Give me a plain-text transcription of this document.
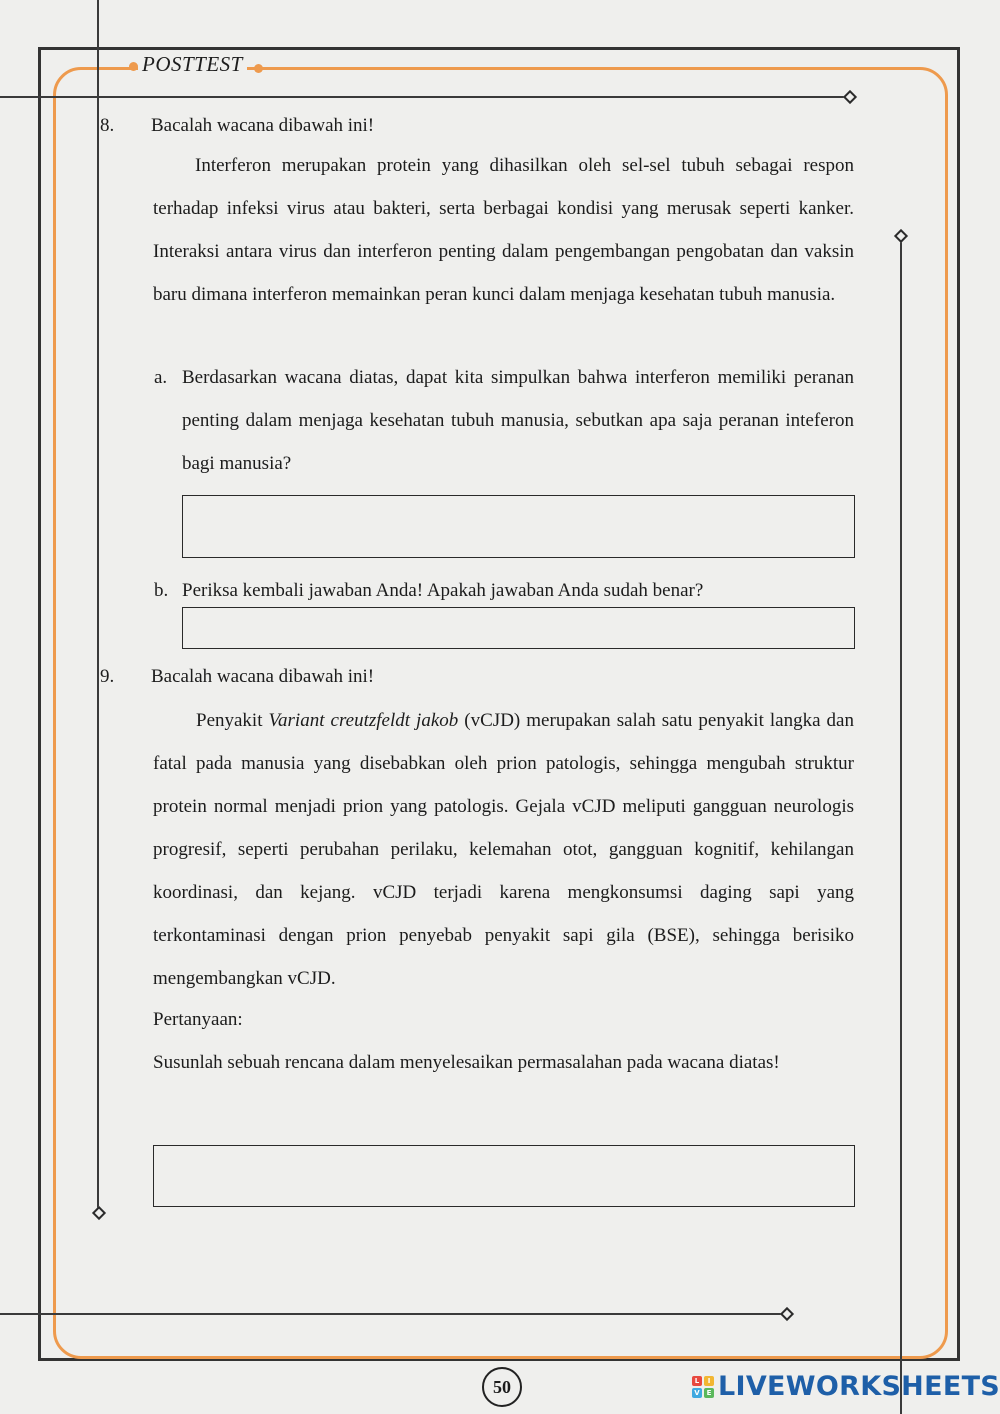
POSTTEST
8. Bacalah wacana dibawah ini!
Interferon merupakan protein yang dihasilkan oleh sel-sel tubuh sebagai respon terhadap infeksi virus atau bakteri, serta berbagai kondisi yang merusak seperti kanker. Interaksi antara virus dan interferon penting dalam pengembangan pengobatan dan vaksin baru dimana interferon memainkan peran kunci dalam menjaga kesehatan tubuh manusia.
a. Berdasarkan wacana diatas, dapat kita simpulkan bahwa interferon memiliki peranan penting dalam menjaga kesehatan tubuh manusia, sebutkan apa saja peranan inteferon bagi manusia?
b. Periksa kembali jawaban Anda! Apakah jawaban Anda sudah benar?
9. Bacalah wacana dibawah ini!
Penyakit Variant creutzfeldt jakob (vCJD) merupakan salah satu penyakit langka dan fatal pada manusia yang disebabkan oleh prion patologis, sehingga mengubah struktur protein normal menjadi prion yang patologis. Gejala vCJD meliputi gangguan neurologis progresif, seperti perubahan perilaku, kelemahan otot, gangguan kognitif, kehilangan koordinasi, dan kejang. vCJD terjadi karena mengkonsumsi daging sapi yang terkontaminasi dengan prion penyebab penyakit sapi gila (BSE), sehingga berisiko mengembangkan vCJD.
Pertanyaan:
Susunlah sebuah rencana dalam menyelesaikan permasalahan pada wacana diatas!
50	L	I
V E LIVEWORKSHEETS
